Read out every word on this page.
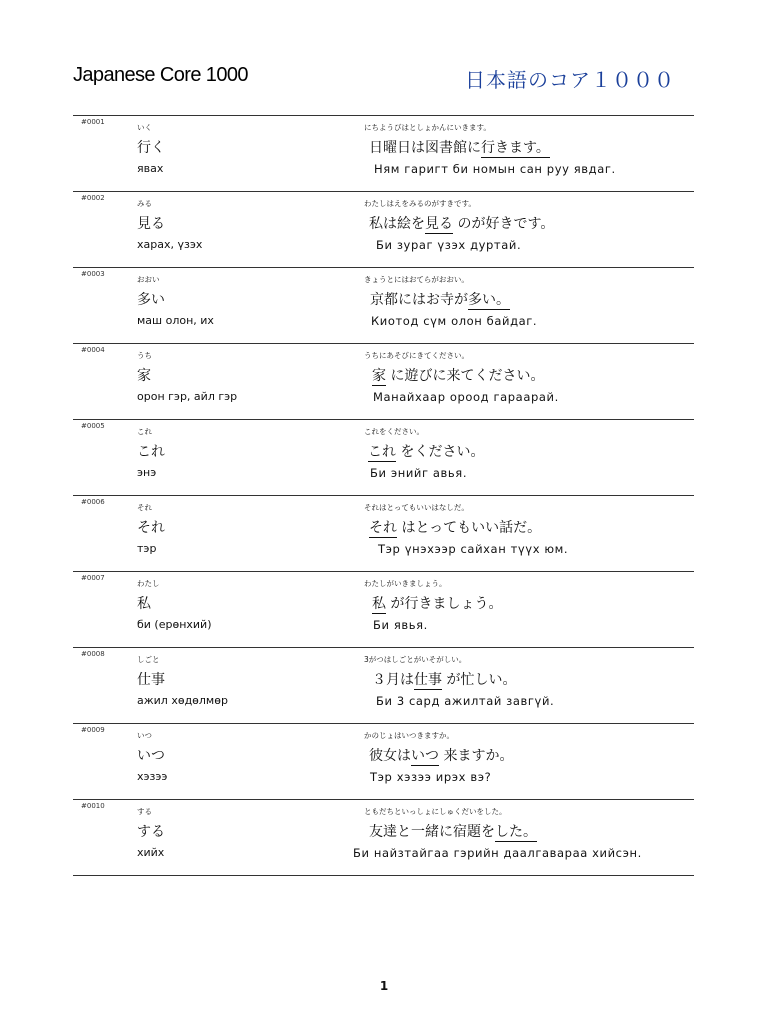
Japanese Core 1000	日本語のコア１０００
#0001
いく
行く
явах
にちようびはとしょかんにいきます。
日曜日は図書館に行きます。
Ням гаригт би номын сан руу явдаг.
#0002
みる
見る
харах, үзэх
わたしはえをみるのがすきです。
私は絵を見る のが好きです。
Би зураг үзэх дуртай.
#0003
おおい
多い
маш олон, их
きょうとにはおてらがおおい。
京都にはお寺が多い。
Киотод сүм олон байдаг.
#0004
うち
家
орон гэр, айл гэр
うちにあそびにきてください。
家 に遊びに来てください。
Манайхаар ороод гараарай.
#0005
これ
これ
энэ
これをください。
これ をください。
Би энийг авья.
#0006
それ
それ
тэр
それはとってもいいはなしだ。
それ はとってもいい話だ。
Тэр үнэхээр сайхан түүх юм.
#0007
わたし
私
би (ерөнхий)
わたしがいきましょう。
私 が行きましょう。
Би явья.
#0008
しごと
仕事
ажил хөдөлмөр
3がつはしごとがいそがしい。
３月は仕事 が忙しい。
Би 3 сард ажилтай завгүй.
#0009
いつ
いつ
хэзээ
かのじょはいつきますか。
彼女はいつ 来ますか。
Тэр хэзээ ирэх вэ?
#0010
する
する
хийх
ともだちといっしょにしゅくだいをした。
友達と一緒に宿題をした。
Би найзтайгаа гэрийн даалгавараа хийсэн.
1
